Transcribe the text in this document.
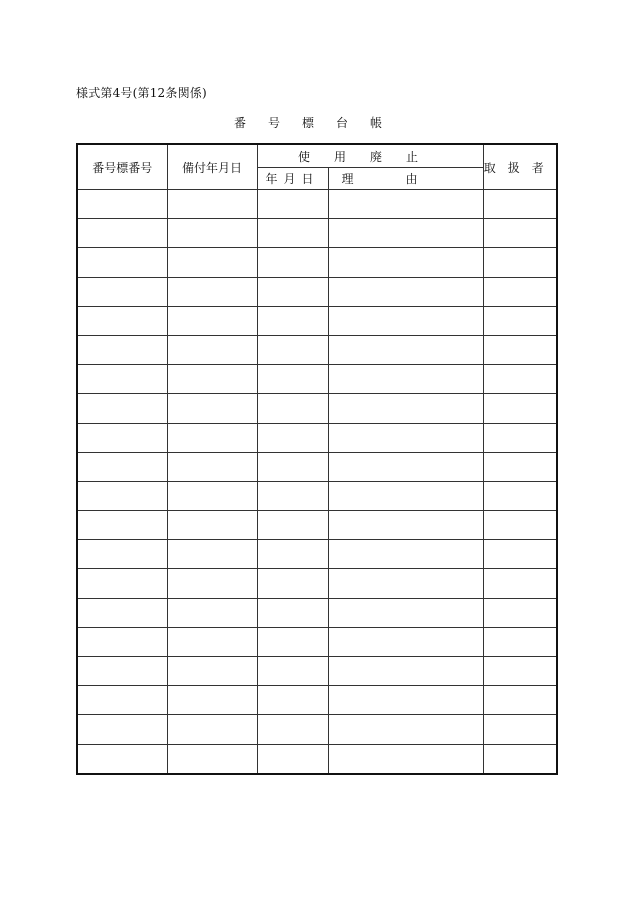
様式第4号(第12条関係)
番号標台帳
番号標番号	備付年月日	使用廃止		取扱者
		年月日	理由	
